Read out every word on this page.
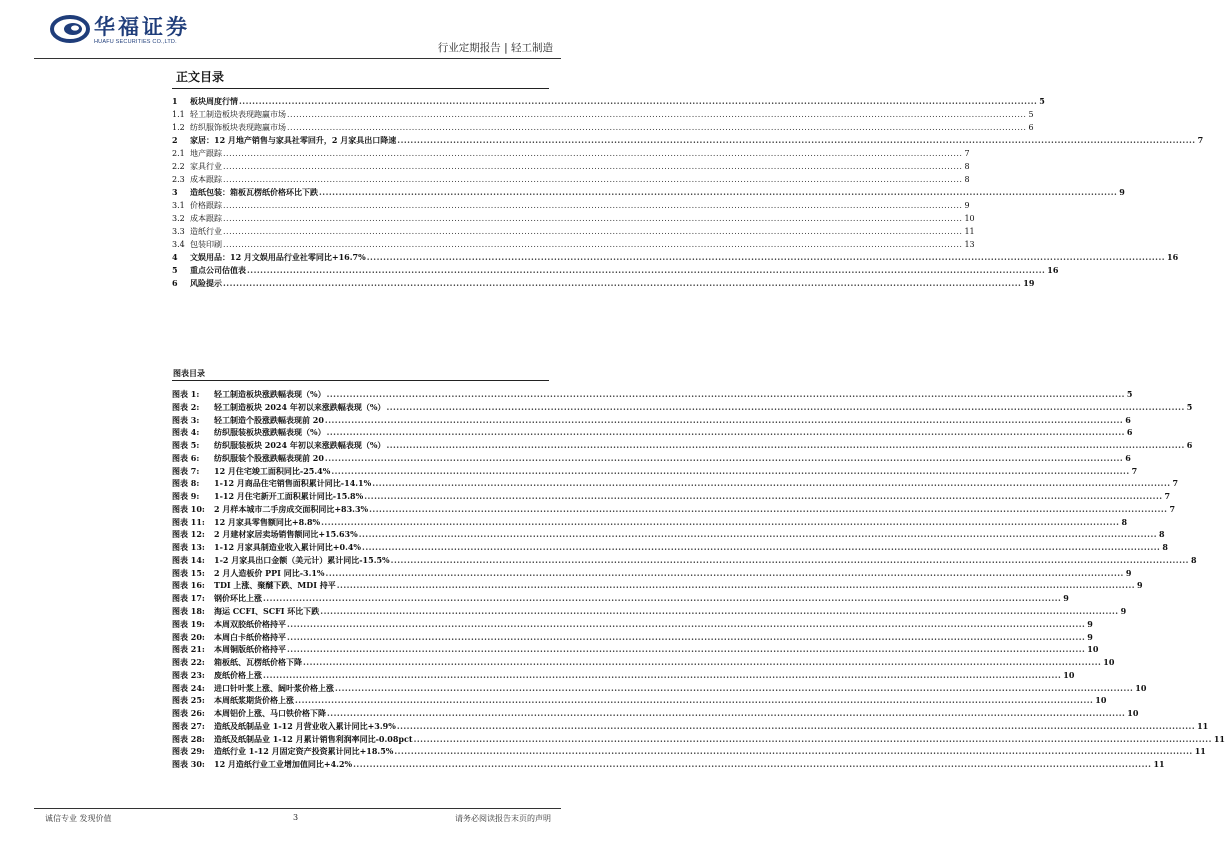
华福证券
HUAFU SECURITIES CO.,LTD.	行业定期报告 | 轻工制造
正文目录
1	板块周度行情 .....	5
1.1 轻工制造板块表现跑赢市场 .....	5
1.2 纺织服饰板块表现跑赢市场 .....	6
2	家居：12 月地产销售与家具社零回升，2 月家具出口降速 .....	7
2.1 地产跟踪 .....	7
2.2 家具行业 .....	8
2.3 成本跟踪 .....	8
3	造纸包装：箱板瓦楞纸价格环比下跌 .....	9
3.1 价格跟踪 .....	9
3.2 成本跟踪 .....	10
3.3 造纸行业 .....	11
3.4 包装印刷 .....	13
4	文娱用品：12 月文娱用品行业社零同比+16.7% .....	16
5	重点公司估值表 .....	16
6	风险提示 .....	19
图表目录
图表 1:	轻工制造板块涨跌幅表现（%） .....	5
图表 2:	轻工制造板块 2024 年初以来涨跌幅表现（%） .....	5
图表 3:	轻工制造个股涨跌幅表现前 20 .....	6
图表 4:	纺织服装板块涨跌幅表现（%） .....	6
图表 5:	纺织服装板块 2024 年初以来涨跌幅表现（%） .....	6
图表 6:	纺织服装个股涨跌幅表现前 20 .....	6
图表 7:	12 月住宅竣工面积同比-25.4% .....	7
图表 8:	1-12 月商品住宅销售面积累计同比-14.1% .....	7
图表 9:	1-12 月住宅新开工面积累计同比-15.8% .....	7
图表 10:	2 月样本城市二手房成交面积同比+83.3% .....	7
图表 11:	12 月家具零售额同比+8.8% .....	8
图表 12:	2 月建材家居卖场销售额同比+15.63% .....	8
图表 13:	1-12 月家具制造业收入累计同比+0.4% .....	8
图表 14:	1-2 月家具出口金额（美元计）累计同比-15.5% .....	8
图表 15:	2 月人造板价 PPI 同比-3.1% .....	9
图表 16:	TDI 上涨、聚醚下跌、MDI 持平 .....	9
图表 17:	钢价环比上涨 .....	9
图表 18:	海运 CCFI、SCFI 环比下跌 .....	9
图表 19:	本周双胶纸价格持平 .....	9
图表 20:	本周白卡纸价格持平 .....	9
图表 21:	本周铜版纸价格持平 .....	10
图表 22:	箱板纸、瓦楞纸价格下降 .....	10
图表 23:	废纸价格上涨 .....	10
图表 24:	进口针叶浆上涨、阔叶浆价格上涨 .....	10
图表 25:	本周纸浆期货价格上涨 .....	10
图表 26:	本周铝价上涨、马口铁价格下降 .....	10
图表 27:	造纸及纸制品业 1-12 月营业收入累计同比+3.9% .....	11
图表 28:	造纸及纸制品业 1-12 月累计销售利润率同比-0.08pct .....	11
图表 29:	造纸行业 1-12 月固定资产投资累计同比+18.5% .....	11
图表 30:	12 月造纸行业工业增加值同比+4.2% .....	11
诚信专业 发现价值	3	请务必阅读报告末页的声明
